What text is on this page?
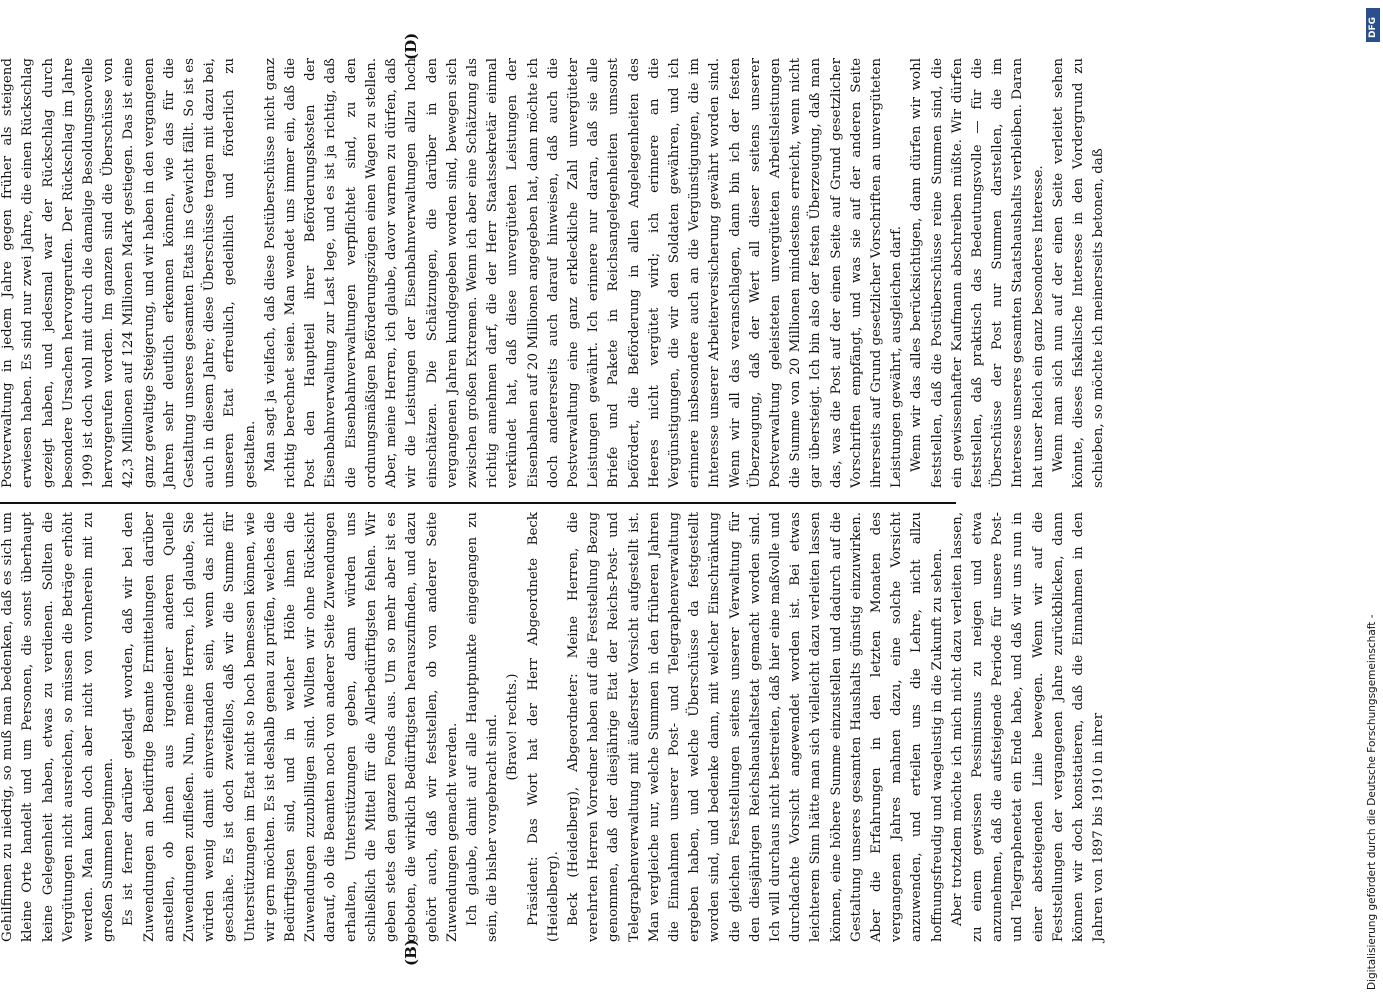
(B)
(D)

Gehilfinnen zu niedrig, so muß man bedenken, daß es sich um kleine Orte handelt und um Personen, die sonst überhaupt keine Gelegenheit haben, etwas zu verdienen. Sollten die Vergütungen nicht ausreichen, so müssen die Beträge erhöht werden. Man kann doch aber nicht von vornherein mit zu großen Summen beginnen. Es ist ferner darüber geklagt worden, daß wir bei den Zuwendungen an bedürftige Beamte Ermittelungen darüber anstellen, ob ihnen aus irgendeiner anderen Quelle Zuwendungen zufließen. Nun, meine Herren, ich glaube, Sie würden wenig damit einverstanden sein, wenn das nicht geschähe. Es ist doch zweifellos, daß wir die Summe für Unterstützungen im Etat nicht so hoch bemessen können, wie wir gern möchten. Es ist deshalb genau zu prüfen, welches die Bedürftigsten sind, und in welcher Höhe ihnen die Zuwendungen zuzubilligen sind. Wollten wir ohne Rücksicht darauf, ob die Beamten noch von anderer Seite Zuwendungen erhalten, Unterstützungen geben, dann würden uns schließlich die Mittel für die Allerbedürftigsten fehlen. Wir geben stets den ganzen Fonds aus. Um so mehr aber ist es geboten, die wirklich Bedürftigsten herauszufinden, und dazu gehört auch, daß wir feststellen, ob von anderer Seite Zuwendungen gemacht werden. Ich glaube, damit auf alle Hauptpunkte eingegangen zu sein, die bisher vorgebracht sind. (Bravo! rechts.) Präsident: Das Wort hat der Herr Abgeordnete Beck (Heidelberg). Beck (Heidelberg), Abgeordneter: Meine Herren, die verehrten Herren Vorredner haben auf die Feststellung Bezug genommen, daß der diesjährige Etat der Reichs-Post- und Telegraphenverwaltung mit äußerster Vorsicht aufgestellt ist. Man vergleiche nur, welche Summen in den früheren Jahren die Einnahmen unserer Post- und Telegraphenverwaltung ergeben haben, und welche Überschüsse da festgestellt worden sind, und bedenke dann, mit welcher Einschränkung die gleichen Feststellungen seitens unserer Verwaltung für den diesjährigen Reichshaushaltsetat gemacht worden sind. Ich will durchaus nicht bestreiten, daß hier eine maßvolle und durchdachte Vorsicht angewendet worden ist. Bei etwas leichterem Sinn hätte man sich vielleicht dazu verleiten lassen können, eine höhere Summe einzustellen und dadurch auf die Gestaltung unseres gesamten Haushalts günstig einzuwirken. Aber die Erfahrungen in den letzten Monaten des vergangenen Jahres mahnen dazu, eine solche Vorsicht anzuwenden, und erteilen uns die Lehre, nicht allzu hoffnungsfreudig und wagelustig in die Zukunft zu sehen. Aber trotzdem möchte ich mich nicht dazu verleiten lassen, zu einem gewissen Pessimismus zu neigen und etwa anzunehmen, daß die aufsteigende Periode für unsere Post- und Telegraphenetat ein Ende habe, und daß wir uns nun in einer absteigenden Linie bewegen. Wenn wir auf die Feststellungen der vergangenen Jahre zurückblicken, dann können wir doch konstatieren, daß die Einnahmen in den Jahren von 1897 bis 1910 in ihrer

Postverwaltung in jedem Jahre gegen früher als steigend erwiesen haben. Es sind nur zwei Jahre, die einen Rückschlag gezeigt haben, und jedesmal war der Rückschlag durch besondere Ursachen hervorgerufen. Der Rückschlag im Jahre 1909 ist doch wohl mit durch die damalige Besoldungsnovelle hervorgerufen worden. Im ganzen sind die Überschüsse von 42,3 Millionen auf 124 Millionen Mark gestiegen. Das ist eine ganz gewaltige Steigerung, und wir haben in den vergangenen Jahren sehr deutlich erkennen können, wie das für die Gestaltung unseres gesamten Etats ins Gewicht fällt. So ist es auch in diesem Jahre; diese Überschüsse tragen mit dazu bei, unseren Etat erfreulich, gedeihlich und förderlich zu gestalten. Man sagt ja vielfach, daß diese Postüberschüsse nicht ganz richtig berechnet seien. Man wendet uns immer ein, daß die Post den Hauptteil ihrer Beförderungskosten der Eisenbahnverwaltung zur Last lege, und es ist ja richtig, daß die Eisenbahnverwaltungen verpflichtet sind, zu den ordnungsmäßigen Beförderungszügen einen Wagen zu stellen. Aber, meine Herren, ich glaube, davor warnen zu dürfen, daß wir die Leistungen der Eisenbahnverwaltungen allzu hoch einschätzen. Die Schätzungen, die darüber in den vergangenen Jahren kundgegeben worden sind, bewegen sich zwischen großen Extremen. Wenn ich aber eine Schätzung als richtig annehmen darf, die der Herr Staatssekretär einmal verkündet hat, daß diese unvergüteten Leistungen der Eisenbahnen auf 20 Millionen angegeben hat, dann möchte ich doch andererseits auch darauf hinweisen, daß auch die Postverwaltung eine ganz erkleckliche Zahl unvergüteter Leistungen gewährt. Ich erinnere nur daran, daß sie alle Briefe und Pakete in Reichsangelegenheiten umsonst befördert, die Beförderung in allen Angelegenheiten des Heeres nicht vergütet wird; ich erinnere an die Vergünstigungen, die wir den Soldaten gewähren, und ich erinnere insbesondere auch an die Vergünstigungen, die im Interesse unserer Arbeiterversicherung gewährt worden sind. Wenn wir all das veranschlagen, dann bin ich der festen Überzeugung, daß der Wert all dieser seitens unserer Postverwaltung geleisteten unvergüteten Arbeitsleistungen die Summe von 20 Millionen mindestens erreicht, wenn nicht gar übersteigt. Ich bin also der festen Überzeugung, daß man das, was die Post auf der einen Seite auf Grund gesetzlicher Vorschriften empfängt, und was sie auf der anderen Seite ihrerseits auf Grund gesetzlicher Vorschriften an unvergüteten Leistungen gewährt, ausgleichen darf. Wenn wir das alles berücksichtigen, dann dürfen wir wohl feststellen, daß die Postüberschüsse reine Summen sind, die ein gewissenhafter Kaufmann abschreiben müßte. Wir dürfen feststellen, daß praktisch das Bedeutungsvolle — für die Überschüsse der Post nur Summen darstellen, die im Interesse unseres gesamten Staatshaushalts verbleiben. Daran hat unser Reich ein ganz besonderes Interesse. Wenn man sich nun auf der einen Seite verleitet sehen könnte, dieses fiskalische Interesse in den Vordergrund zu schieben, so möchte ich meinerseits betonen, daß

DFG
Digitalisierung gefördert durch die Deutsche Forschungsgemeinschaft -
